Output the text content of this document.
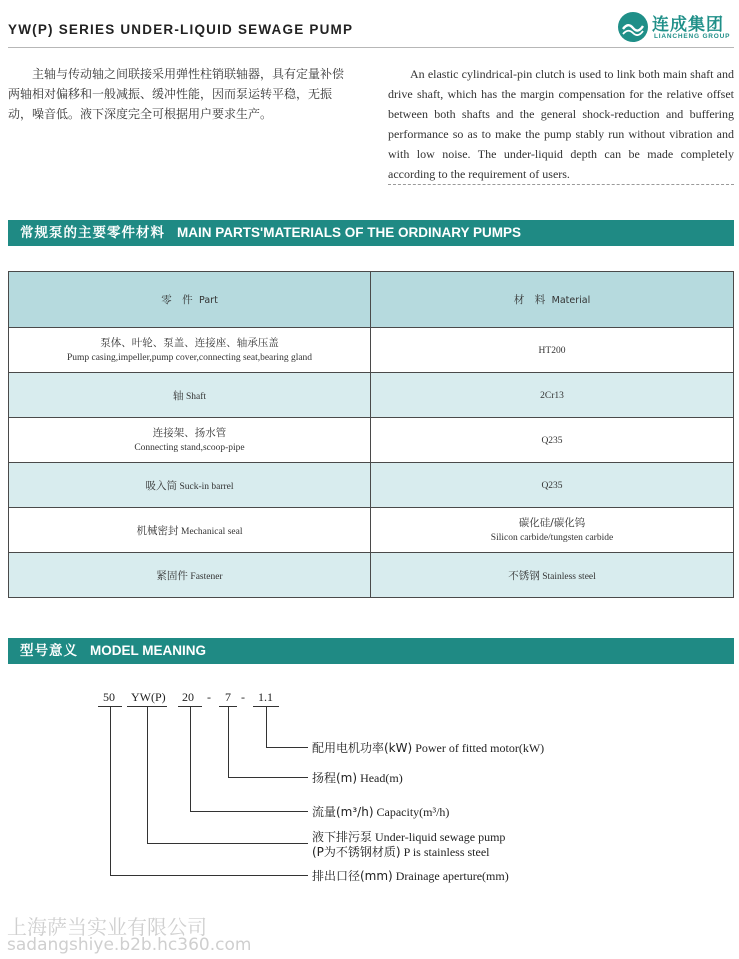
YW(P) SERIES UNDER-LIQUID SEWAGE PUMP	连成集团
LIANCHENG GROUP
主轴与传动轴之间联接采用弹性柱销联轴器，具有定量补偿两轴相对偏移和一般减振、缓冲性能，因而泵运转平稳，无振动，噪音低。液下深度完全可根据用户要求生产。
An elastic cylindrical-pin clutch is used to link both main shaft and drive shaft, which has the margin compensation for the relative offset between both shafts and the general shock-reduction and buffering performance so as to make the pump stably run without vibration and with low noise. The under-liquid depth can be made completely according to the requirement of users.
常规泵的主要零件材料 MAIN PARTS'MATERIALS OF THE ORDINARY PUMPS
零　件 Part	材　料 Material

泵体、叶轮、泵盖、连接座、轴承压盖
Pump casing,impeller,pump cover,connecting seat,bearing gland	HT200
轴 Shaft	2Cr13

连接架、扬水管
Connecting stand,scoop-pipe	Q235
吸入筒 Suck-in barrel	Q235
机械密封 Mechanical seal	碳化硅/碳化钨
Silicon carbide/tungsten carbide

紧固件 Fastener	不锈钢 Stainless steel
型号意义 MODEL MEANING
50 YW(P) 20 - 7 - 1.1
配用电机功率(kW) Power of fitted motor(kW)
扬程(m) Head(m)
流量(m³/h) Capacity(m³/h)
液下排污泵 Under-liquid sewage pump
(P为不锈钢材质) P is stainless steel
排出口径(mm) Drainage aperture(mm)
上海萨当实业有限公司
sadangshiye.b2b.hc360.com
